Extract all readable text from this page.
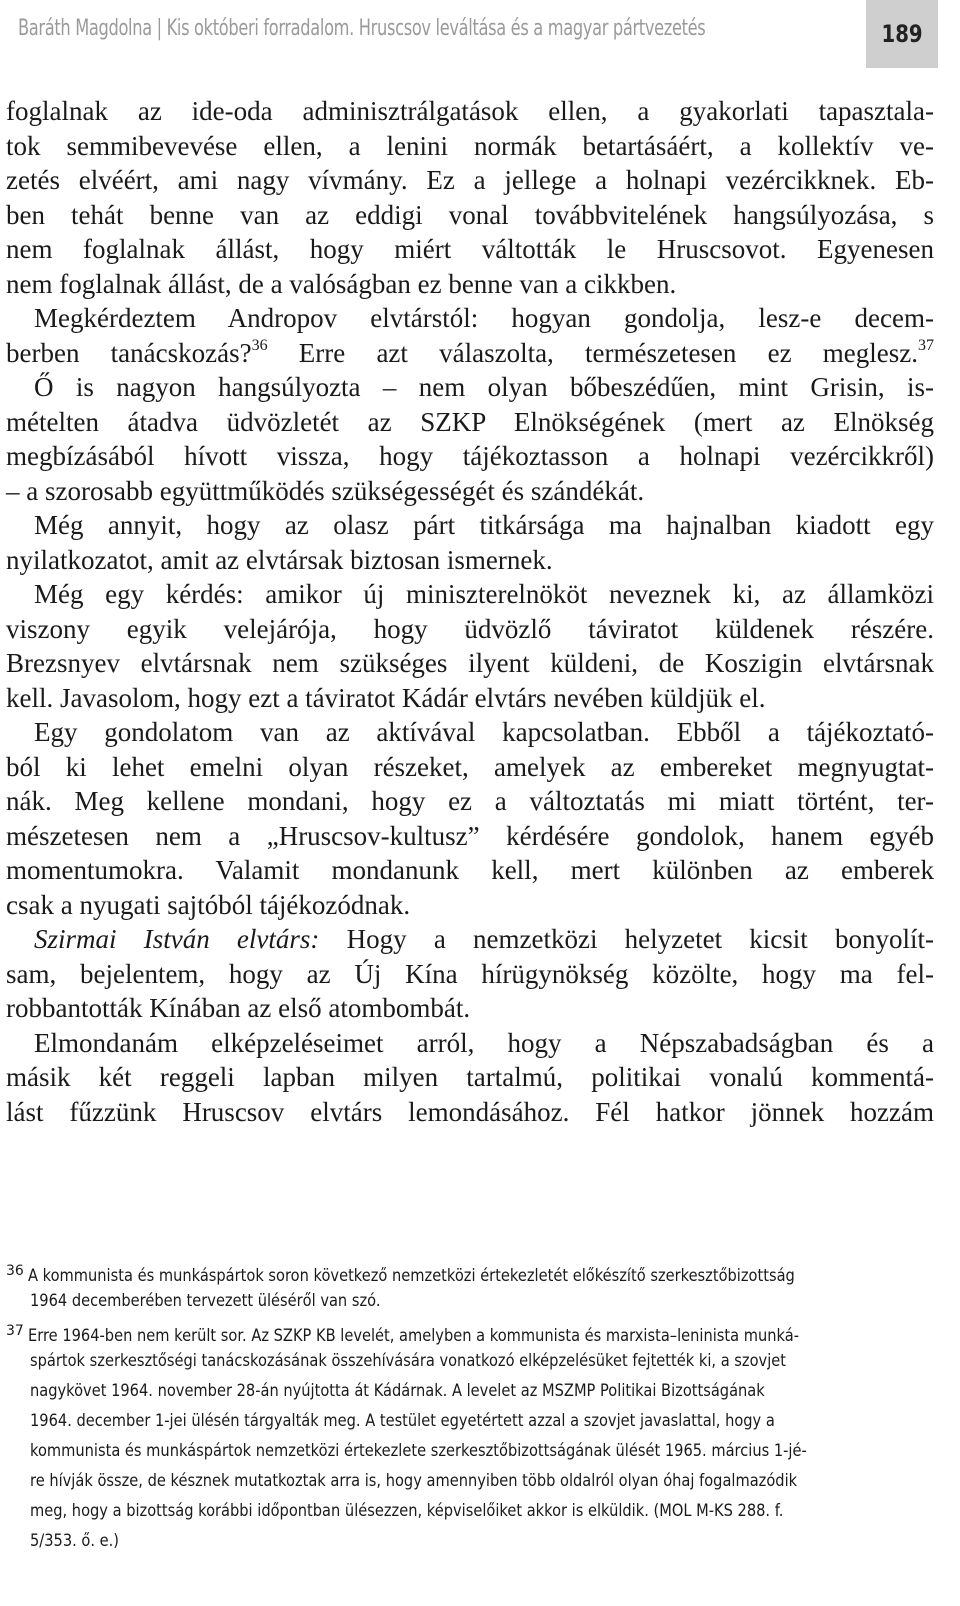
Baráth Magdolna | Kis októberi forradalom. Hruscsov leváltása és a magyar pártvezetés	189
foglalnak az ide-oda adminisztrálgatások ellen, a gyakorlati tapasztala-
tok semmibevevése ellen, a lenini normák betartásáért, a kollektív ve-
zetés elvéért, ami nagy vívmány. Ez a jellege a holnapi vezércikknek. Eb-
ben tehát benne van az eddigi vonal továbbvitelének hangsúlyozása, s
nem foglalnak állást, hogy miért váltották le Hruscsovot. Egyenesen
nem foglalnak állást, de a valóságban ez benne van a cikkben.
Megkérdeztem Andropov elvtárstól: hogyan gondolja, lesz-e decem-
berben tanácskozás?$^{36}$ Erre azt válaszolta, természetesen ez meglesz.$^{37}$
Ő is nagyon hangsúlyozta – nem olyan bőbeszédűen, mint Grisin, is-
mételten átadva üdvözletét az SZKP Elnökségének (mert az Elnökség
megbízásából hívott vissza, hogy tájékoztasson a holnapi vezércikkről)
– a szorosabb együttműködés szükségességét és szándékát.
Még annyit, hogy az olasz párt titkársága ma hajnalban kiadott egy
nyilatkozatot, amit az elvtársak biztosan ismernek.
Még egy kérdés: amikor új miniszterelnököt neveznek ki, az államközi
viszony egyik velejárója, hogy üdvözlő táviratot küldenek részére.
Brezsnyev elvtársnak nem szükséges ilyent küldeni, de Koszigin elvtársnak
kell. Javasolom, hogy ezt a táviratot Kádár elvtárs nevében küldjük el.
Egy gondolatom van az aktívával kapcsolatban. Ebből a tájékoztató-
ból ki lehet emelni olyan részeket, amelyek az embereket megnyugtat-
nák. Meg kellene mondani, hogy ez a változtatás mi miatt történt, ter-
mészetesen nem a „Hruscsov-kultusz” kérdésére gondolok, hanem egyéb
momentumokra. Valamit mondanunk kell, mert különben az emberek
csak a nyugati sajtóból tájékozódnak.
Szirmai István elvtárs: Hogy a nemzetközi helyzetet kicsit bonyolít-
sam, bejelentem, hogy az Új Kína hírügynökség közölte, hogy ma fel-
robbantották Kínában az első atombombát.
Elmondanám elképzeléseimet arról, hogy a Népszabadságban és a
másik két reggeli lapban milyen tartalmú, politikai vonalú kommentá-
lást fűzzünk Hruscsov elvtárs lemondásához. Fél hatkor jönnek hozzám
36 A kommunista és munkáspártok soron következő nemzetközi értekezletét előkészítő szerkesztőbizottság
1964 decemberében tervezett üléséről van szó.
37 Erre 1964-ben nem került sor. Az SZKP KB levelét, amelyben a kommunista és marxista–leninista munká-
spártok szerkesztőségi tanácskozásának összehívására vonatkozó elképzelésüket fejtették ki, a szovjet
nagykövet 1964. november 28-án nyújtotta át Kádárnak. A levelet az MSZMP Politikai Bizottságának
1964. december 1-jei ülésén tárgyalták meg. A testület egyetértett azzal a szovjet javaslattal, hogy a
kommunista és munkáspártok nemzetközi értekezlete szerkesztőbizottságának ülését 1965. március 1-jé-
re hívják össze, de késznek mutatkoztak arra is, hogy amennyiben több oldalról olyan óhaj fogalmazódik
meg, hogy a bizottság korábbi időpontban ülésezzen, képviselőiket akkor is elküldik. (MOL M-KS 288. f.
5/353. ő. e.)
